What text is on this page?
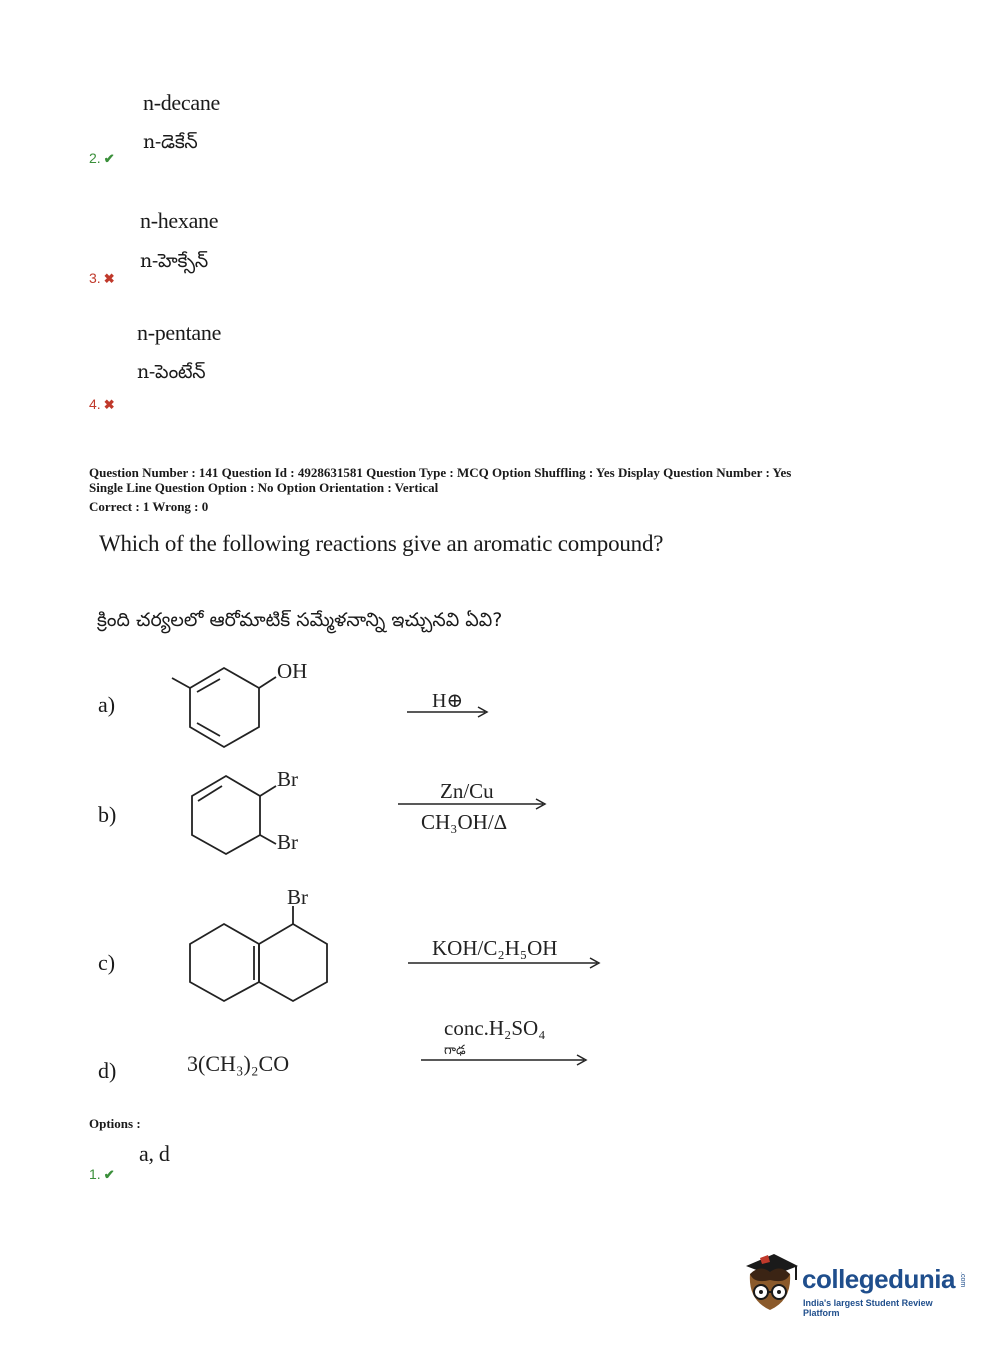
n-decane
n-డెకేన్
2. ✔
n-hexane
n-హెక్సేన్
3. ✖
n-pentane
n-పెంటేన్
4. ✖
Question Number : 141 Question Id : 4928631581 Question Type : MCQ Option Shuffling : Yes Display Question Number : Yes
Single Line Question Option : No Option Orientation : Vertical
Correct : 1 Wrong : 0
Which of the following reactions give an aromatic compound?
క్రింది చర్యలలో ఆరోమాటిక్ సమ్మేళనాన్ని ఇచ్చునవి ఏవి?
a)
b)
c)
d)
OH
H⊕
Br
Br
Zn/Cu
CH₃OH/Δ
Br
KOH/C₂H₅OH
3(CH₃)₂CO
conc.H₂SO₄
గాఢ
Options :
a, d
1. ✔
collegedunia .com
India's largest Student Review Platform
